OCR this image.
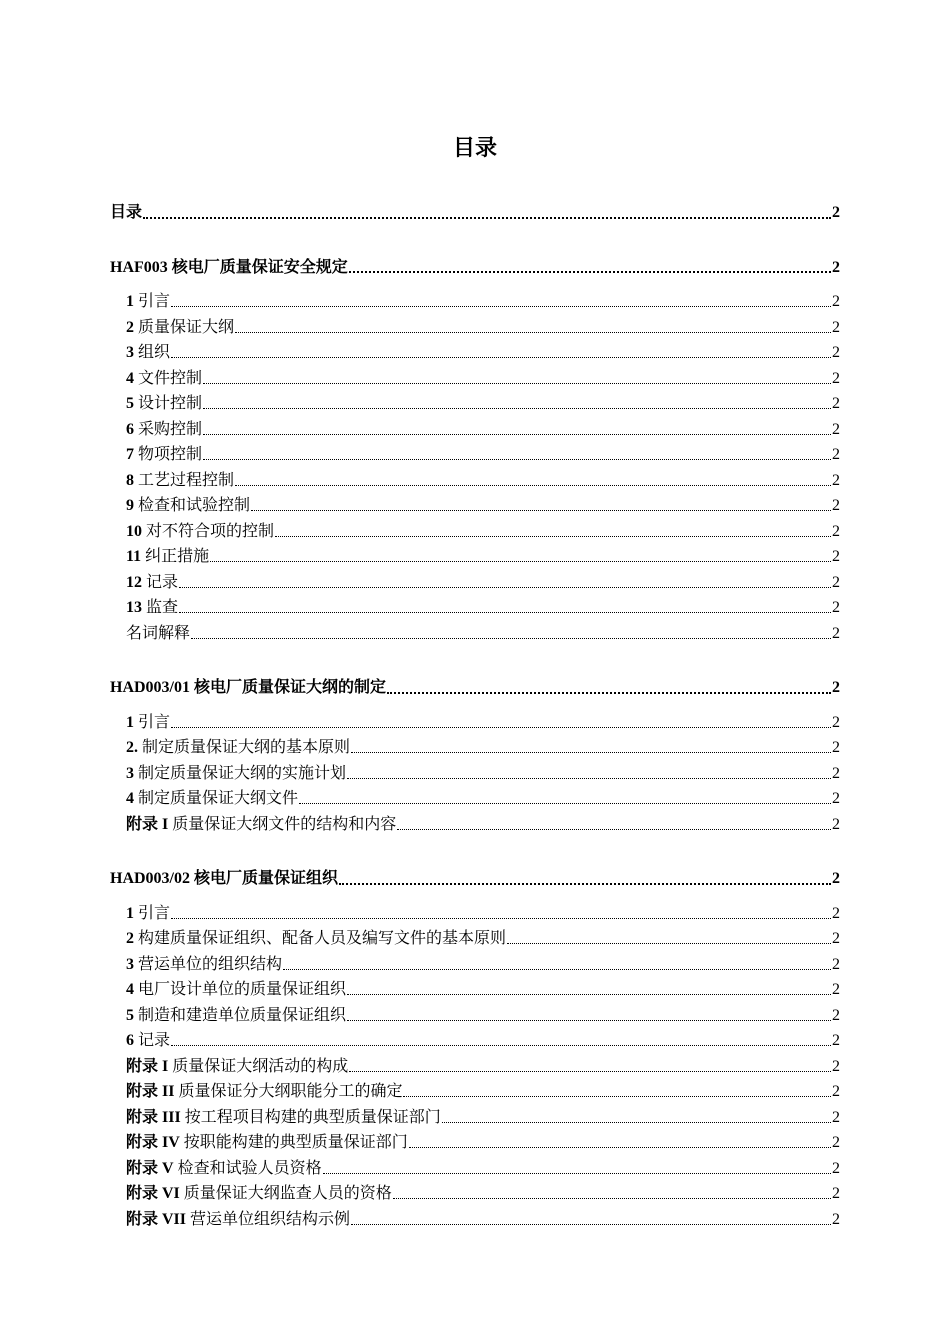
目录
目录	2
HAF003 核电厂质量保证安全规定	2
1 引言	2
2 质量保证大纲	2
3 组织	2
4 文件控制	2
5 设计控制	2
6 采购控制	2
7 物项控制	2
8 工艺过程控制	2
9 检查和试验控制	2
10 对不符合项的控制	2
11 纠正措施	2
12 记录	2
13 监查	2
名词解释	2
HAD003/01 核电厂质量保证大纲的制定	2
1 引言	2
2. 制定质量保证大纲的基本原则	2
3 制定质量保证大纲的实施计划	2
4 制定质量保证大纲文件	2
附录 I 质量保证大纲文件的结构和内容	2
HAD003/02 核电厂质量保证组织	2
1 引言	2
2 构建质量保证组织、配备人员及编写文件的基本原则	2
3 营运单位的组织结构	2
4 电厂设计单位的质量保证组织	2
5 制造和建造单位质量保证组织	2
6 记录	2
附录 I 质量保证大纲活动的构成	2
附录 II 质量保证分大纲职能分工的确定	2
附录 III 按工程项目构建的典型质量保证部门	2
附录 IV 按职能构建的典型质量保证部门	2
附录 V 检查和试验人员资格	2
附录 VI 质量保证大纲监查人员的资格	2
附录 VII 营运单位组织结构示例	2
